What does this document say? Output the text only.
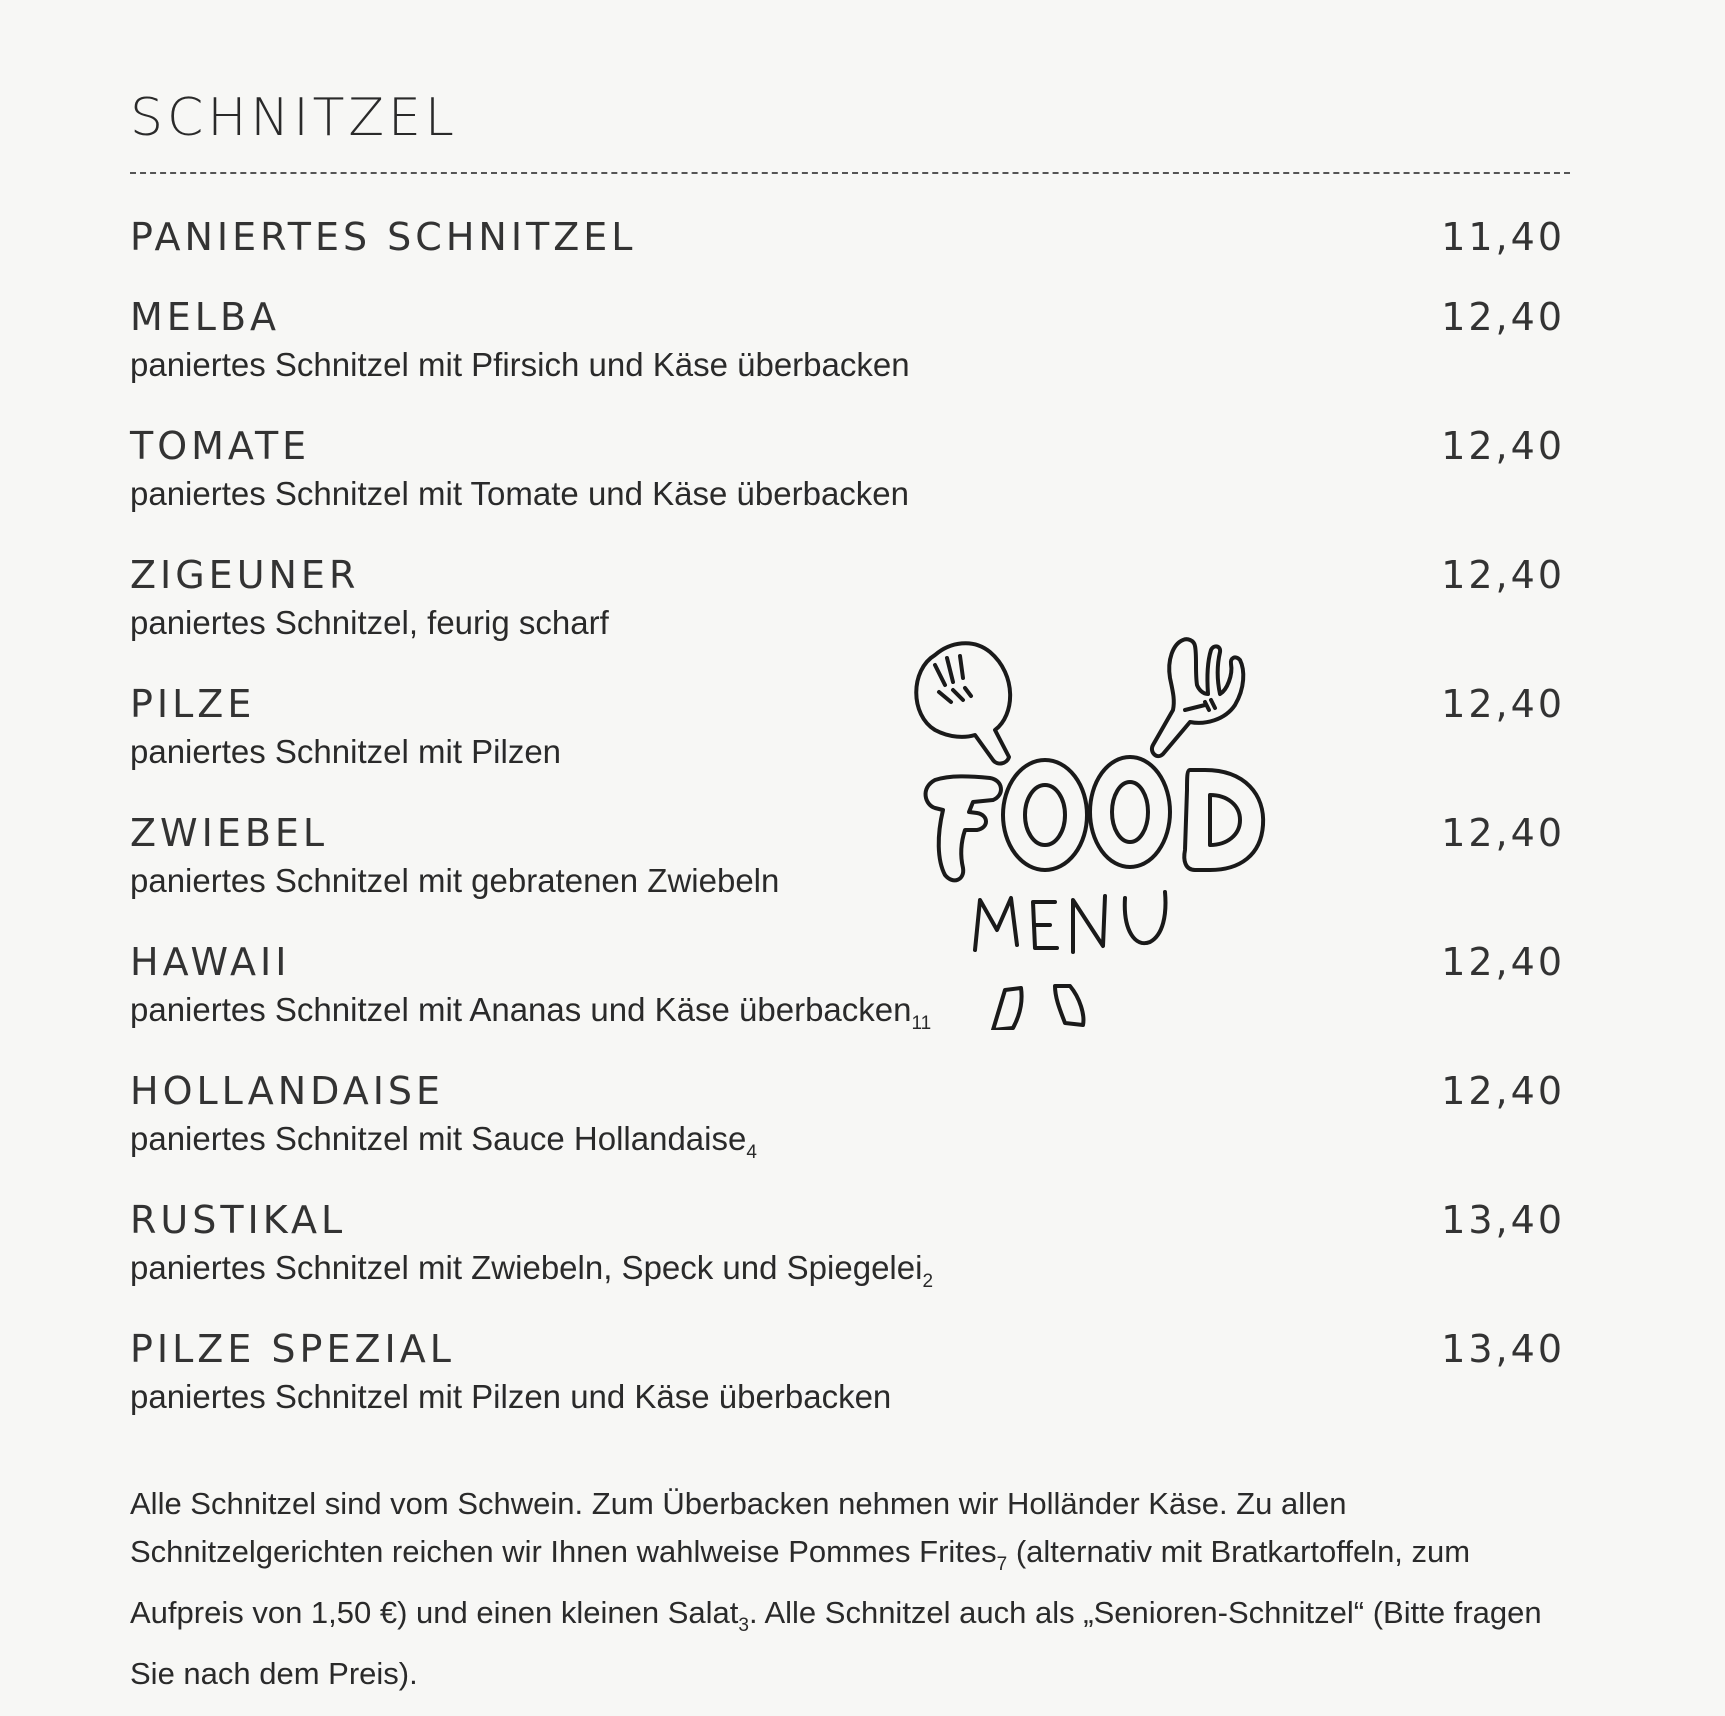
SCHNITZEL
PANIERTES SCHNITZEL	11,40
MELBA	12,40
paniertes Schnitzel mit Pfirsich und Käse überbacken
TOMATE	12,40
paniertes Schnitzel mit Tomate und Käse überbacken
ZIGEUNER	12,40
paniertes Schnitzel, feurig scharf
PILZE	12,40
paniertes Schnitzel mit Pilzen
ZWIEBEL	12,40
paniertes Schnitzel mit gebratenen Zwiebeln
HAWAII	12,40
paniertes Schnitzel mit Ananas und Käse überbacken$_{11}$
HOLLANDAISE	12,40
paniertes Schnitzel mit Sauce Hollandaise$_4$
RUSTIKAL	13,40
paniertes Schnitzel mit Zwiebeln, Speck und Spiegelei$_2$
PILZE SPEZIAL	13,40
paniertes Schnitzel mit Pilzen und Käse überbacken
Alle Schnitzel sind vom Schwein. Zum Überbacken nehmen wir Holländer Käse. Zu allen Schnitzelgerichten reichen wir Ihnen wahlweise Pommes Frites$_7$ (alternativ mit Bratkartoffeln, zum Aufpreis von 1,50 €) und einen kleinen Salat$_3$. Alle Schnitzel auch als „Senioren-Schnitzel“ (Bitte fragen Sie nach dem Preis).
